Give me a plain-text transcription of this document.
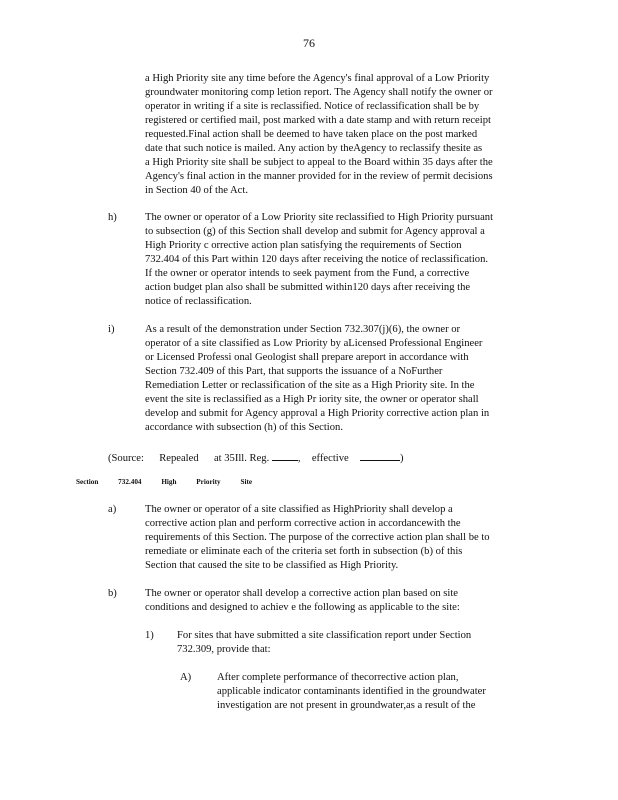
76
a High Priority site any time before the Agency's final approval of a Low Priority
groundwater monitoring comp letion report. The Agency shall notify the owner or
operator in writing if a site is reclassified. Notice of reclassification shall be by
registered or certified mail, post marked with a date stamp and with return receipt
requested.Final action shall be deemed to have taken place on the post marked
date that such notice is mailed. Any action by theAgency to reclassify thesite as
a High Priority site shall be subject to appeal to the Board within 35 days after the
Agency's final action in the manner provided for in the review of permit decisions
in Section 40 of the Act.
h)	The owner or operator of a Low Priority site reclassified to High Priority pursuant
to subsection (g) of this Section shall develop and submit for Agency approval a
High Priority c orrective action plan satisfying the requirements of Section
732.404 of this Part within 120 days after receiving the notice of reclassification.
If the owner or operator intends to seek payment from the Fund, a corrective
action budget plan also shall be submitted within120 days after receiving the
notice of reclassification.
i)	As a result of the demonstration under Section 732.307(j)(6), the owner or
operator of a site classified as Low Priority by aLicensed Professional Engineer
or Licensed Professi onal Geologist shall prepare areport in accordance with
Section 732.409 of this Part, that supports the issuance of a NoFurther
Remediation Letter or reclassification of the site as a High Priority site. In the
event the site is reclassified as a High Pr iority site, the owner or operator shall
develop and submit for Agency approval a High Priority corrective action plan in
accordance with subsection (h) of this Section.
(Source: Repealed at 35Ill. Reg.	,  effective	)
Section	732.404	High	Priority	Site
a)	The owner or operator of a site classified as HighPriority shall develop a
corrective action plan and perform corrective action in accordancewith the
requirements of this Section. The purpose of the corrective action plan shall be to
remediate or eliminate each of the criteria set forth in subsection (b) of this
Section that caused the site to be classified as High Priority.
b)	The owner or operator shall develop a corrective action plan based on site
conditions and designed to achiev e the following as applicable to the site:
1) For sites that have submitted a site classification report under Section
732.309, provide that:
A) After complete performance of thecorrective action plan,
applicable indicator contaminants identified in the groundwater
investigation are not present in groundwater,as a result of the
